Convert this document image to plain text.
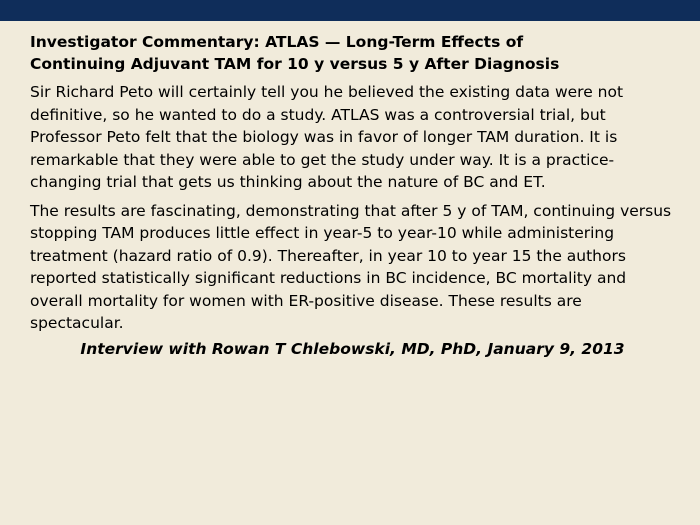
Investigator Commentary: ATLAS — Long-Term Effects of
Continuing Adjuvant TAM for 10 y versus 5 y After Diagnosis

Sir Richard Peto will certainly tell you he believed the existing data were not definitive, so he wanted to do a study. ATLAS was a controversial trial, but Professor Peto felt that the biology was in favor of longer TAM duration. It is remarkable that they were able to get the study under way. It is a practice-changing trial that gets us thinking about the nature of BC and ET.

The results are fascinating, demonstrating that after 5 y of TAM, continuing versus stopping TAM produces little effect in year-5 to year-10 while administering treatment (hazard ratio of 0.9). Thereafter, in year 10 to year 15 the authors reported statistically significant reductions in BC incidence, BC mortality and overall mortality for women with ER-positive disease. These results are spectacular.

Interview with Rowan T Chlebowski, MD, PhD, January 9, 2013
